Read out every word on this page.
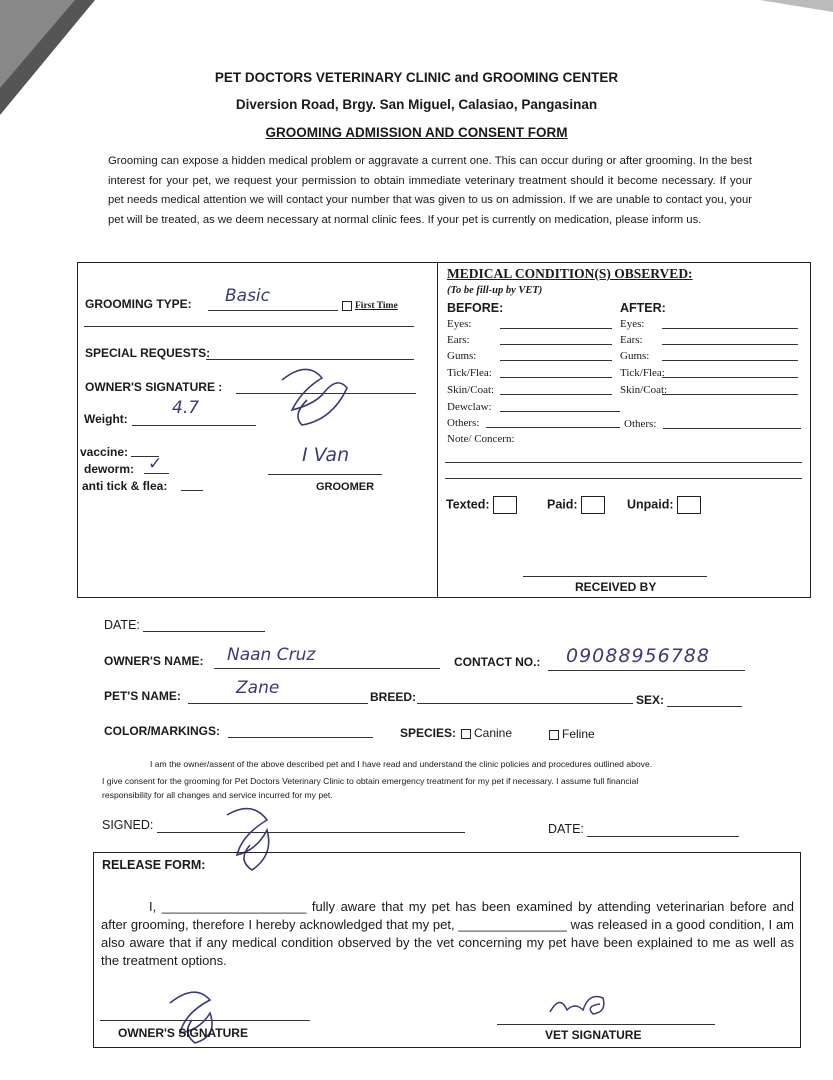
PET DOCTORS VETERINARY CLINIC and GROOMING CENTER
Diversion Road, Brgy. San Miguel, Calasiao, Pangasinan
GROOMING ADMISSION AND CONSENT FORM
Grooming can expose a hidden medical problem or aggravate a current one. This can occur during or after grooming. In the best interest for your pet, we request your permission to obtain immediate veterinary treatment should it become necessary. If your pet needs medical attention we will contact your number that was given to us on admission. If we are unable to contact you, your pet will be treated, as we deem necessary at normal clinic fees. If your pet is currently on medication, please inform us.
GROOMING TYPE: Basic
First Time
SPECIAL REQUESTS:
OWNER'S SIGNATURE :
Weight:
4.7
vaccine:
deworm: ✓
anti tick & flea:
I Van
GROOMER
MEDICAL CONDITION(S) OBSERVED:
(To be fill-up by VET)
BEFORE:	AFTER:
Eyes:	Eyes:
Ears:	Ears:
Gums:	Gums:
Tick/Flea:	Tick/Flea:
Skin/Coat:	Skin/Coat:
Dewclaw:
Others:	Others:
Note/ Concern:
Texted:	Paid:	Unpaid:
RECEIVED BY
DATE:
OWNER'S NAME: Naan Cruz	CONTACT NO.: 09088956788
PET'S NAME:	Zane	BREED:	SEX:
COLOR/MARKINGS:	SPECIES:	Canine	Feline
I am the owner/assent of the above described pet and I have read and understand the clinic policies and procedures outlined above.
I give consent for the grooming for Pet Doctors Veterinary Clinic to obtain emergency treatment for my pet if necessary. I assume full financial
responsibility for all changes and service incurred for my pet.
SIGNED:	DATE:
RELEASE FORM:
I, ____________________ fully aware that my pet has been examined by attending veterinarian before and after grooming, therefore I hereby acknowledged that my pet, _______________ was released in a good condition, I am also aware that if any medical condition observed by the vet concerning my pet have been explained to me as well as the treatment options.
OWNER'S SIGNATURE	VET SIGNATURE
